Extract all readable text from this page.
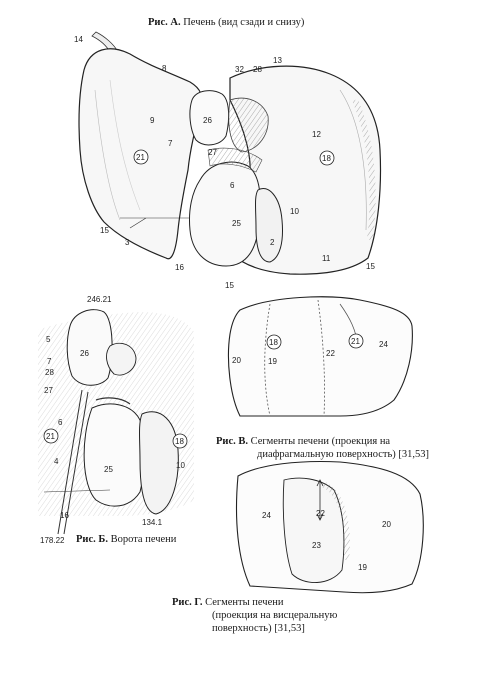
Рис. А. Печень (вид сзади и снизу)
14
8	32 28
13
9	26
7
21
27
12
18
6
25
10
15
3	2
11
15
16
15
246.21
5
7
28
26
27
21
6
4
25
18
10
16
134.1
178.22
20
18
19
22
21 24
24	22
23
20
19
Рис. Б. Ворота печени
Рис. В. Сегменты печени (проекция на
диафрагмальную поверхность) [31,53]
Рис. Г. Сегменты печени
(проекция на висцеральную
поверхность) [31,53]
